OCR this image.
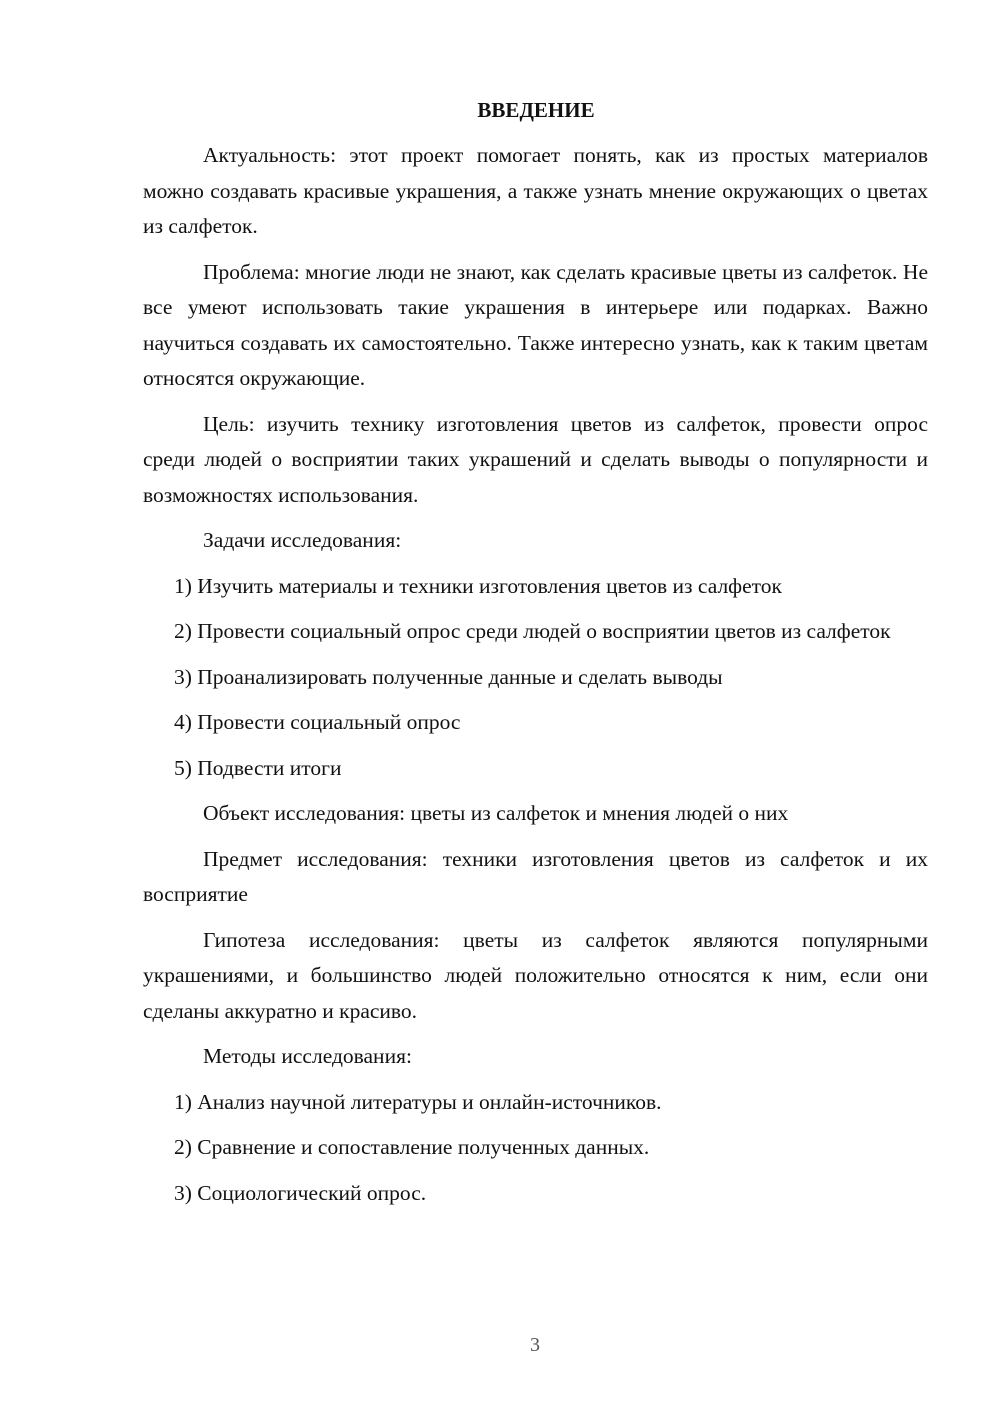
ВВЕДЕНИЕ

Актуальность: этот проект помогает понять, как из простых материалов можно создавать красивые украшения, а также узнать мнение окружающих о цветах из салфеток.

Проблема: многие люди не знают, как сделать красивые цветы из салфеток. Не все умеют использовать такие украшения в интерьере или подарках. Важно научиться создавать их самостоятельно. Также интересно узнать, как к таким цветам относятся окружающие.

Цель: изучить технику изготовления цветов из салфеток, провести опрос среди людей о восприятии таких украшений и сделать выводы о популярности и возможностях использования.

Задачи исследования:

1) Изучить материалы и техники изготовления цветов из салфеток

2) Провести социальный опрос среди людей о восприятии цветов из салфеток

3) Проанализировать полученные данные и сделать выводы

4) Провести социальный опрос

5) Подвести итоги

Объект исследования: цветы из салфеток и мнения людей о них

Предмет исследования: техники изготовления цветов из салфеток и их восприятие

Гипотеза исследования: цветы из салфеток являются популярными украшениями, и большинство людей положительно относятся к ним, если они сделаны аккуратно и красиво.

Методы исследования:

1) Анализ научной литературы и онлайн-источников.

2) Сравнение и сопоставление полученных данных.

3) Социологический опрос.

3
